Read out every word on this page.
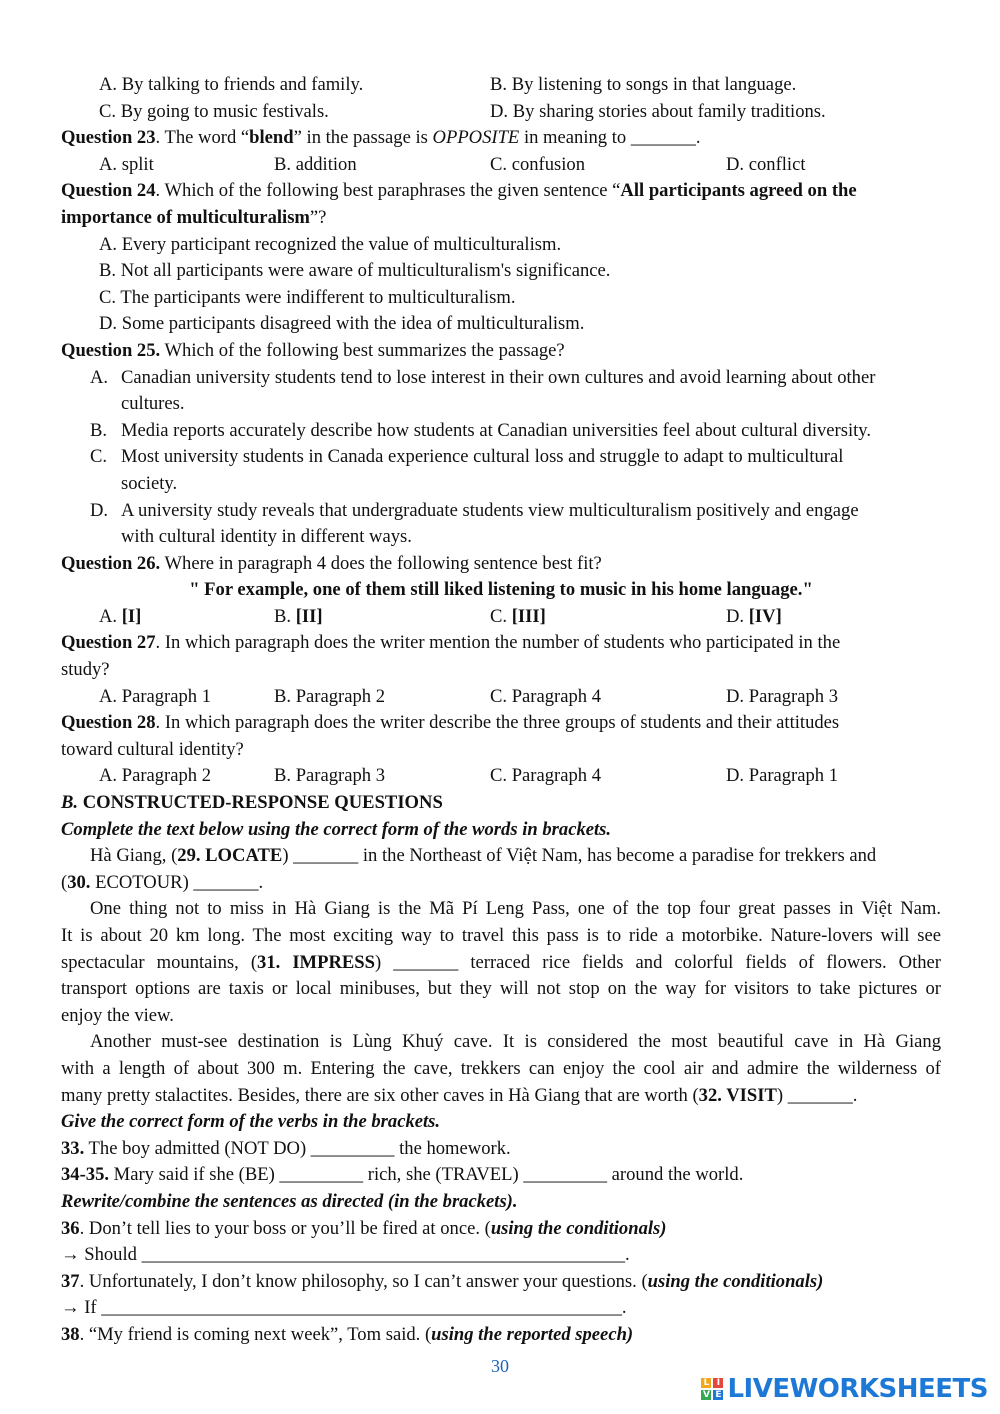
A. By talking to friends and family.	B. By listening to songs in that language.
C. By going to music festivals.	D. By sharing stories about family traditions.
Question 23. The word “blend” in the passage is OPPOSITE in meaning to _______.
A. split	B. addition	C. confusion	D. conflict
Question 24. Which of the following best paraphrases the given sentence “All participants agreed on the
importance of multiculturalism”?
A. Every participant recognized the value of multiculturalism.
B. Not all participants were aware of multiculturalism's significance.
C. The participants were indifferent to multiculturalism.
D. Some participants disagreed with the idea of multiculturalism.
Question 25. Which of the following best summarizes the passage?
A. Canadian university students tend to lose interest in their own cultures and avoid learning about other
cultures.
B. Media reports accurately describe how students at Canadian universities feel about cultural diversity.
C. Most university students in Canada experience cultural loss and struggle to adapt to multicultural
society.
D. A university study reveals that undergraduate students view multiculturalism positively and engage
with cultural identity in different ways.
Question 26. Where in paragraph 4 does the following sentence best fit?
" For example, one of them still liked listening to music in his home language."
A. [I]	B. [II]	C. [III]	D. [IV]
Question 27. In which paragraph does the writer mention the number of students who participated in the
study?
A. Paragraph 1	B. Paragraph 2	C. Paragraph 4	D. Paragraph 3
Question 28. In which paragraph does the writer describe the three groups of students and their attitudes
toward cultural identity?
A. Paragraph 2	B. Paragraph 3	C. Paragraph 4	D. Paragraph 1
B. CONSTRUCTED-RESPONSE QUESTIONS
Complete the text below using the correct form of the words in brackets.
Hà Giang, (29. LOCATE) _______ in the Northeast of Việt Nam, has become a paradise for trekkers and
(30. ECOTOUR) _______.
One thing not to miss in Hà Giang is the Mã Pí Leng Pass, one of the top four great passes in Việt Nam.
It is about 20 km long. The most exciting way to travel this pass is to ride a motorbike. Nature-lovers will see
spectacular mountains, (31. IMPRESS) _______ terraced rice fields and colorful fields of flowers. Other
transport options are taxis or local minibuses, but they will not stop on the way for visitors to take pictures or
enjoy the view.
Another must-see destination is Lùng Khuý cave. It is considered the most beautiful cave in Hà Giang
with a length of about 300 m. Entering the cave, trekkers can enjoy the cool air and admire the wilderness of
many pretty stalactites. Besides, there are six other caves in Hà Giang that are worth (32. VISIT) _______.
Give the correct form of the verbs in the brackets.
33. The boy admitted (NOT DO) _________ the homework.
34-35. Mary said if she (BE) _________ rich, she (TRAVEL) _________ around the world.
Rewrite/combine the sentences as directed (in the brackets).
36. Don’t tell lies to your boss or you’ll be fired at once. (using the conditionals)
→ Should ____________________________________________________.
37. Unfortunately, I don’t know philosophy, so I can’t answer your questions. (using the conditionals)
→ If ________________________________________________________.
38. “My friend is coming next week”, Tom said. (using the reported speech)
30
L I
V E LIVEWORKSHEETS
